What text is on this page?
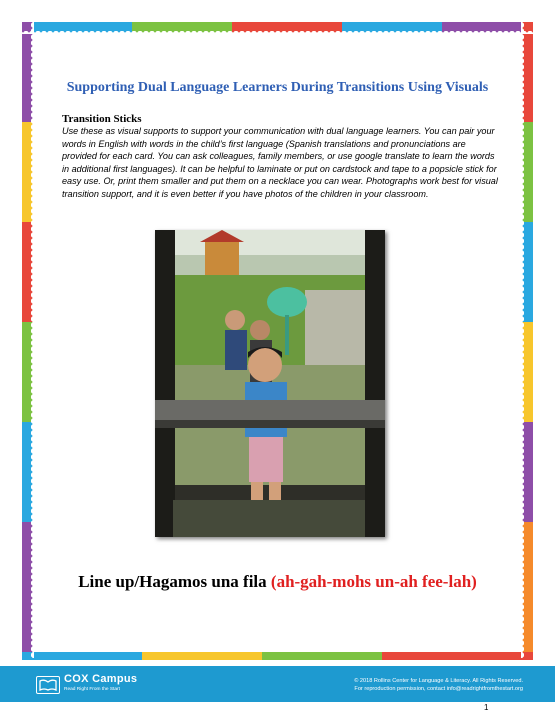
Supporting Dual Language Learners During Transitions Using Visuals
Transition Sticks
Use these as visual supports to support your communication with dual language learners. You can pair your words in English with words in the child’s first language (Spanish translations and pronunciations are provided for each card. You can ask colleagues, family members, or use google translate to learn the words in additional first languages). It can be helpful to laminate or put on cardstock and tape to a popsicle stick for easy use. Or, print them smaller and put them on a necklace you can wear. Photographs work best for visual transition support, and it is even better if you have photos of the children in your classroom.
Line up/Hagamos una fila (ah-gah-mohs un-ah fee-lah)
COX Campus
Read Right From the Start
© 2018 Rollins Center for Language & Literacy. All Rights Reserved.
For reproduction permission, contact info@readrightfromthestart.org
1
